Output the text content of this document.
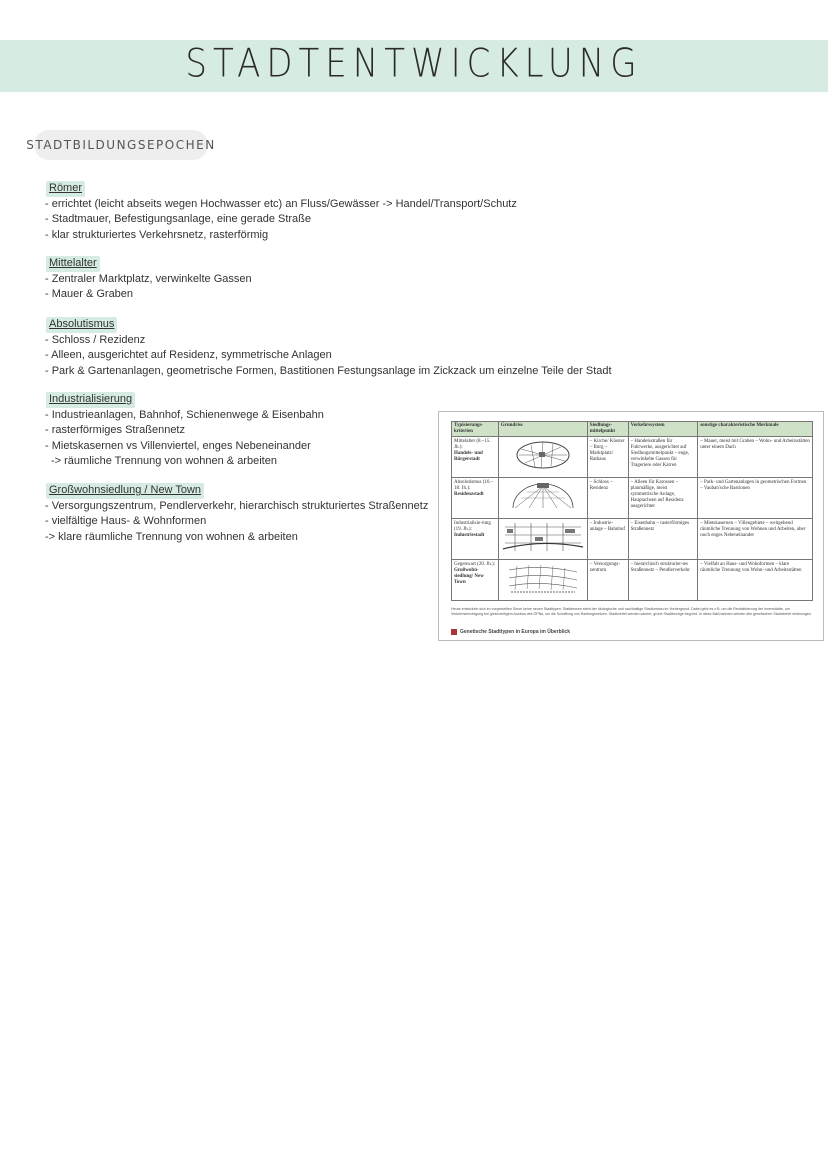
STADTENTWICKLUNG
STADTBILDUNGSEPOCHEN
Römer
- errichtet (leicht abseits wegen Hochwasser etc) an Fluss/Gewässer -> Handel/Transport/Schutz
- Stadtmauer, Befestigungsanlage, eine gerade Straße
- klar strukturiertes Verkehrsnetz, rasterförmig
Mittelalter
- Zentraler Marktplatz, verwinkelte Gassen
- Mauer & Graben
Absolutismus
- Schloss / Rezidenz
- Alleen, ausgerichtet auf Residenz, symmetrische Anlagen
- Park & Gartenanlagen, geometrische Formen, Bastitionen Festungsanlage im Zickzack um einzelne Teile der Stadt
Industrialisierung
- Industrieanlagen, Bahnhof, Schienenwege & Eisenbahn
- rasterförmiges Straßennetz
- Mietskasernen vs Villenviertel, enges Nebeneinander
-> räumliche Trennung von wohnen & arbeiten
Großwohnsiedlung / New Town
- Versorgungszentrum, Pendlerverkehr, hierarchisch strukturiertes Straßennetz
- vielfältige Haus- & Wohnformen
-> klare räumliche Trennung von wohnen & arbeiten
Typisierungs-kriterien	Grundriss	Siedlungs-mittelpunkt	Verkehrssystem	sonstige charakteristische Merkmale
Mittelalter (8.–15. Jh.):
Handels- und Bürgerstadt		– Kirche/ Kloster – Burg – Marktplatz/ Rathaus	– Handelsstraßen für Fuhrwerke, ausgerichtet auf Siedlungsmittelpunkt – enge, verwinkelte Gassen für Trageriere oder Karren	– Mauer, meist mit Graben – Wohn- und Arbeitsstätten unter einem Dach
Absolutismus (16.–18. Jh.):
Residenzstadt		– Schloss – Residenz	– Alleen für Karossen – planmäßige, meist symmetrische Anlage, Hauptachsen auf Residenz ausgerichtet	– Park- und Gartenanlagen in geometrischen Formen – Vauban'sche Bastionen
Industrialisie-rung (19. Jh.):
Industriestadt		– Industrie-anlage – Bahnhof	– Eisenbahn – rasterförmiges Straßennetz	– Mietskasernen – Villengebiete – weitgehend räumliche Trennung von Wohnen und Arbeiten, aber noch enges Nebeneinander
Gegenwart (20. Jh.):
Großwohn-siedlung/ New Town		– Versorgungs-zentrum	– hierarchisch strukturier-tes Straßennetz – Pendlerverkehr	– Vielfalt an Haus- und Wohnformen – klare räumliche Trennung von Wohn- und Arbeitsstätten
Heute entwickeln sich im vorgestellten Sinne keine neuen Stadttypen. Stattdessen steht der ökologische und nachhaltige Stadtumbau im Vordergrund. Dabei geht es z.B. um die Revitalisierung der Innenstädte, um Verkehrsberuhigung bei gleichzeitigem Ausbau des ÖPNs, um die Schaffung von Radwegenetzen. Stadtviertel werden saniert, grüne Stadtbezüge begrünt. In diese Maßnahmen werden alle genetischen Stadtviertel einbezogen.
Genetische Stadttypen in Europa im Überblick
